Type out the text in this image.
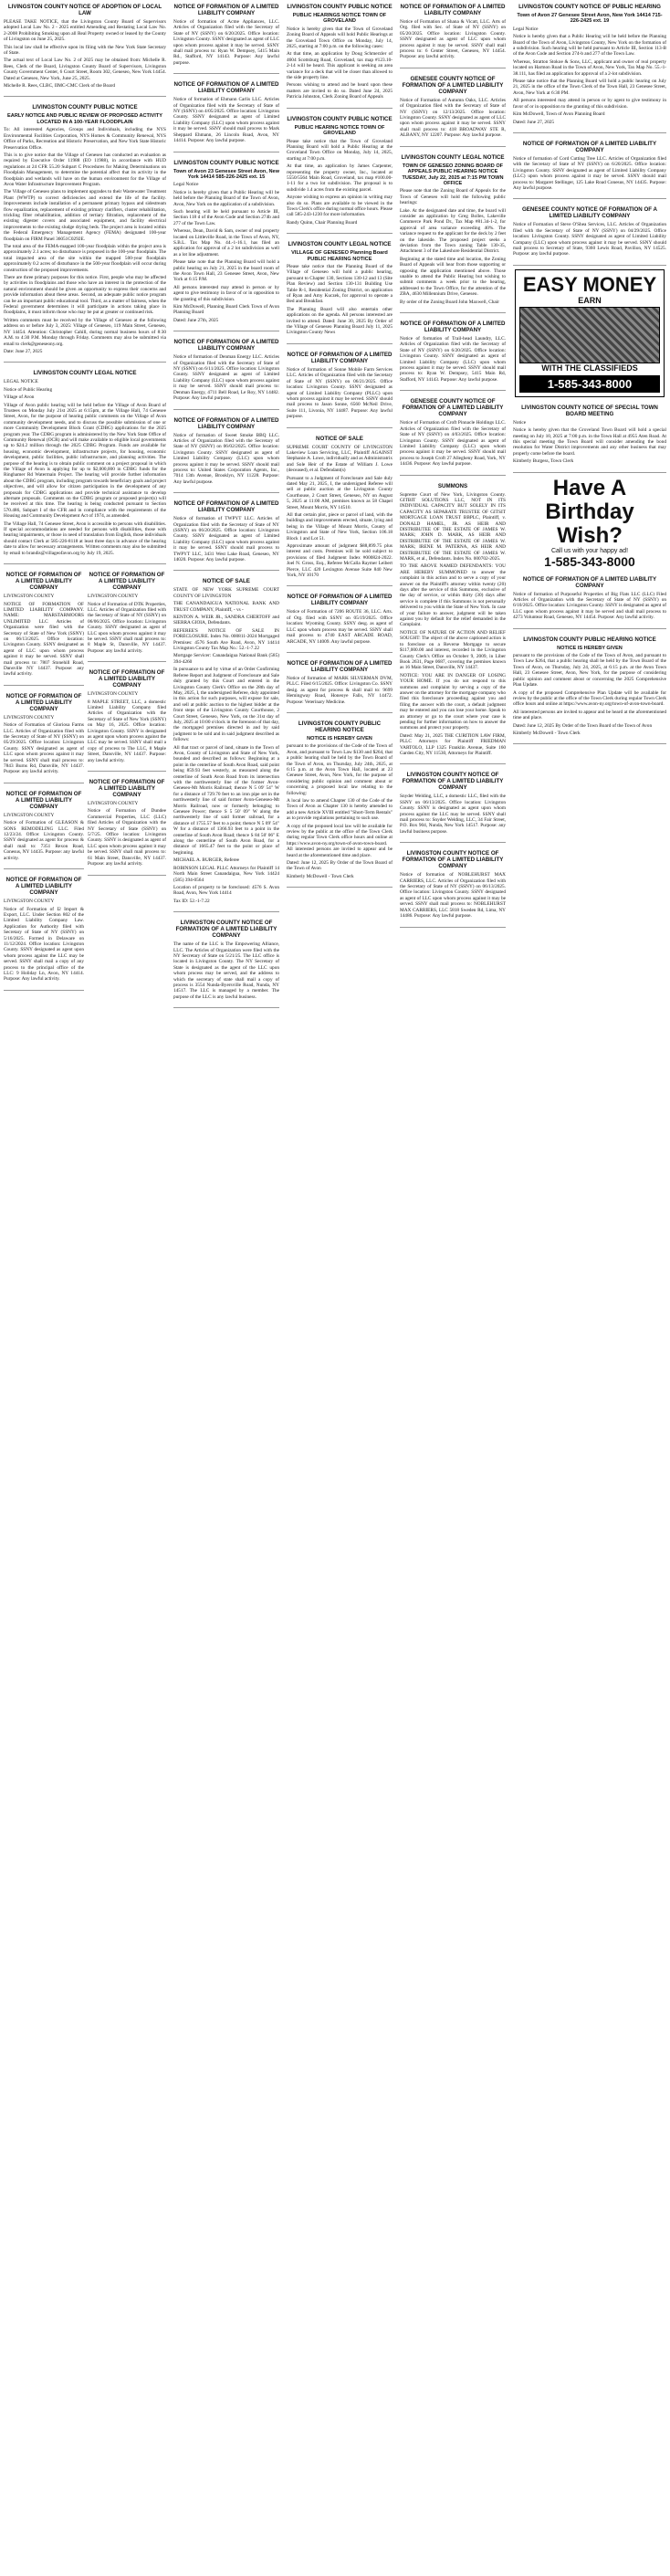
LIVINGSTON COUNTY NOTICE OF ADOPTION OF LOCAL LAW

PLEASE TAKE NOTICE, that the Livingston County Board of Supervisors adopted Local Law No. 2 - 2025 entitled Amending and Restating Local Law No. 2-2008 Prohibiting Smoking upon all Real Property owned or leased by the County of Livingston on June 25, 2025.

This local law shall be effective upon its filing with the New York State Secretary of State.

The actual text of Local Law No. 2 of 2025 may be obtained from: Michelle R. Rees, Clerk of the Board, Livingston County Board of Supervisors, Livingston County Government Center, 6 Court Street, Room 302, Geneseo, New York 14454. Dated at Geneseo, New York, June 25, 2025.

Michelle R. Rees, CLBC, IIMC-CMC Clerk of the Board

LIVINGSTON COUNTY PUBLIC NOTICE
EARLY NOTICE AND PUBLIC REVIEW OF PROPOSED ACTIVITY LOCATED IN A 100-YEAR FLOODPLAIN

To: All interested Agencies, Groups and Individuals, including the NYS Environmental Facilities Corporation, NYS Homes & Community Renewal, NYS Office of Parks, Recreation and Historic Preservation, and New York State Historic Preservation Office.

This is to give notice that the Village of Geneseo has conducted an evaluation as required by Executive Order 11988 (EO 11988), in accordance with HUD regulations at 24 CFR 55.20 Subpart C Procedures for Making Determinations on Floodplain Management, to determine the potential affect that its activity in the floodplain and wetlands will have on the human environment for the Village of Avon Water Infrastructure Improvement Program.

The Village of Geneseo plans to implement upgrades to their Wastewater Treatment Plant (WWTP) to correct deficiencies and extend the life of the facility. Improvements include installation of a permanent primary bypass and sidestream flow equalization, replacement of existing primary clarifiers, cluster rehabilitation, trickling filter rehabilitation, addition of tertiary filtration, replacement of the existing digester covers and associated equipment, and facility electrical improvements to the existing sludge drying beds. The project area is located within the Federal Emergency Management Agency (FEMA) designated 100-year floodplain on FIRM Panel 36051C0292E.

The total area of the FEMA-mapped 100-year floodplain within the project area is approximately 2.1 acres; no disturbance is proposed in the 100-year floodplain. The total impacted area of the site within the mapped 500-year floodplain approximately 0.2 acres of disturbance in the 500-year floodplain will occur during construction of the proposed improvements.

There are three primary purposes for this notice. First, people who may be affected by activities in floodplains and those who have an interest in the protection of the natural environment should be given an opportunity to express their concerns and provide information about these areas. Second, an adequate public notice program can be an important public educational tool. Third, as a matter of fairness, when the Federal government determines it will participate in actions taking place in floodplains, it must inform those who may be put at greater or continued risk.

Written comments must be received by the Village of Geneseo at the following address on or before July 3, 2025: Village of Geneseo, 119 Main Street, Geneseo, NY 14454. Attention: Christopher Cahill, during normal business hours of 8:30 A.M. to 4:30 P.M. Monday through Friday. Comments may also be submitted via email to clerk@geneseony.org.

Date: June 27, 2025

LIVINGSTON COUNTY LEGAL NOTICE

LEGAL NOTICE

Notice of Public Hearing

Village of Avon

Village of Avon public hearing will be held before the Village of Avon Board of Trustees on Monday July 21st 2025 at 6:15pm, at the Village Hall, 74 Genesee Street, Avon, for the purpose of hearing public comments on the Village of Avon community development needs, and to discuss the possible submission of one or more Community Development Block Grant (CDBG) applications for the 2025 program year. The CDBG program is administered by the New York State Office of Community Renewal (OCR) and will make available to eligible local governments up to $24.2 million through the 2025 CDBG Program. Funds are available for housing, economic development, infrastructure projects, for housing, economic development, public facilities, public infrastructure, and planning activities. The purpose of the hearing is to obtain public comment on a project proposal in which the Village of Avon is applying for up to $2,000,000 in CDBG funds for the Ringhamer Rd Watermain Project. The hearing will provide further information about the CDBG program, including program towards beneficiary goals and project objectives, and will allow for citizen participation in the development of any proposals for CDBG applications and provide technical assistance to develop alternate proposals. Comments on the CDBG program or proposed project(s) will be received at this time. The hearing is being conducted pursuant to Section 570.486, Subpart I of the CFR and in compliance with the requirements of the Housing and Community Development Act of 1974, as amended.

The Village Hall, 74 Genesee Street, Avon is accessible to persons with disabilities. If special accommodations are needed for persons with disabilities, those with hearing impairments, or those in need of translation from English, those individuals should contact Clerk at 585-226-8118 at least three days in advance of the hearing date to allow for necessary arrangements. Written comments may also be submitted by email to brandis@villageofavon.org by July 19, 2025.

NOTICE OF FORMATION OF A LIMITED LIABILITY COMPANY

LIVINGSTON COUNTY

NOTICE OF FORMATION OF LIMITED LIABILITY COMPANY. NAME: MARSTARMOORS UNLIMITED LLC Articles of Organization were filed with the Secretary of State of New York (SSNY) on 06/13/2025. Office location: Livingston County. SSNY designated as agent of LLC upon whom process against it may be served. SSNY shall mail process to: 7807 Stonehill Road, Dansville NY 14437. Purpose: any lawful activity.

NOTICE OF FORMATION OF A LIMITED LIABILITY COMPANY

LIVINGSTON COUNTY

Notice of Formation of Gloriosa Farms LLC. Articles of Organization filed with the Secretary of State of NY (SSNY) on 05/29/2025. Office location: Livingston County. SSNY designated as agent of LLC upon whom process against it may be served. SSNY shall mail process to: 7843 Burns Rd, Dansville, NY 14437. Purpose: any lawful activity.

NOTICE OF FORMATION OF A LIMITED LIABILITY COMPANY

LIVINGSTON COUNTY

Notice of Formation of GLEASON & SONS REMODELING LLC. Filed 12/23/24. Office: Livingston County. SSNY designated as agent for process & shall mail to: 7351 Rexon Road, Conesus, NY 14435. Purpose: any lawful activity.

NOTICE OF FORMATION OF A LIMITED LIABILITY COMPANY

LIVINGSTON COUNTY

Notice of Formation of I2 Import & Export, LLC. Under Section 802 of the Limited Liability Company Law. Application for Authority filed with Secretary of State of NY (SSNY) on 5/16/2025. Formed in Delaware on 11/12/2024. Office location: Livingston County. SSNY designated as agent upon whom process against the LLC may be served. SSNY shall mail a copy of any process to the principal office of the LLC: 9 Holiday Ln, Avon, NY 14414. Purpose: Any lawful activity.

NOTICE OF FORMATION OF A LIMITED LIABILITY COMPANY

LIVINGSTON COUNTY

Notice of Formation of DTK Properties, LLC. Articles of Organization filed with the Secretary of State of NY (SSNY) on 06/06/2025. Office location: Livingston County. SSNY designated as agent of LLC upon whom process against it may be served. SSNY shall mail process to: 8 Maple St, Dansville, NY 14437. Purpose: any lawful activity.

NOTICE OF FORMATION OF A LIMITED LIABILITY COMPANY

LIVINGSTON COUNTY

8 MAPLE STREET, LLC, a domestic Limited Liability Company filed Articles of Organization with the Secretary of State of New York (SSNY) on May 16, 2025. Office location: Livingston County. SSNY is designated as agent upon whom process against the LLC may be served. SSNY shall mail a copy of process to The LLC, 8 Maple Street, Dansville, NY 14437. Purpose: any lawful activity.

NOTICE OF FORMATION OF A LIMITED LIABILITY COMPANY

LIVINGSTON COUNTY

Notice of Formation of Dundee Commercial Properties, LLC (LLC) filed Articles of Organization with the NY Secretary of State (SSNY) on 5/7/25. Office location: Livingston County. SSNY is designated as agent of LLC upon whom process against it may be served. SSNY shall mail process to: 61 Main Street, Dansville, NY 14437. Purpose: any lawful activity.

NOTICE OF FORMATION OF A LIMITED LIABILITY COMPANY

Notice of formation of Acme Appliances, LLC. Articles of Organization filed with the Secretary of State of NY (SSNY) on 6/20/2025. Office location: Livingston County. SSNY designated as agent of LLC upon whom process against it may be served. SSNY shall mail process to: Ryan W. Dempsey, 5415 Main Rd., Stafford, NY 14143. Purpose: Any lawful purpose.

NOTICE OF FORMATION OF A LIMITED LIABILITY COMPANY

Notice of formation of Ehmann Carlis LLC. Articles of Organization filed with the Secretary of State of NY (SSNY) on 4/05/2025. Office location: Livingston County. SSNY designated as agent of Limited Liability Company (LLC) upon whom process against it may be served. SSNY should mail process to Mark Sheppard Ehmann, 26 Lincoln Road, Avon, NY 14414. Purpose: Any lawful purpose.

LIVINGSTON COUNTY PUBLIC NOTICE
Town of Avon 23 Genesee Street Avon, New York 14414 585-226-2425 ext. 15

Legal Notice

Notice is hereby given that a Public Hearing will be held before the Planning Board of the Town of Avon, Avon, New York on the application of a subdivision.

Such hearing will be held pursuant to Article III, Section 118 d of the Avon Code and Section 274b and 277 of the Town Law.

Whereas, Dean, David & Sam, owner of real property located on Littleville Road, in the Town of Avon, NY, S.B.L. Tax Map No. 44.-1-16.1, has filed an application for approval of a 2 lot subdivision as well as a lot line adjustment.

Please take note that the Planning Board will hold a public hearing on July 21, 2025 in the board room of the Avon Town Hall, 23 Genesee Street, Avon, New York at 6:15 P.M.

All persons interested may attend in person or by agent to give testimony in favor of or in opposition to the granting of this subdivision.

Kim McDowell, Planning Board Clerk Town of Avon Planning Board

Dated: June 27th, 2025

NOTICE OF FORMATION OF A LIMITED LIABILITY COMPANY

Notice of formation of Denman Energy LLC. Articles of Organization filed with the Secretary of State of NY (SSNY) on 6/11/2025. Office location: Livingston County. SSNY designated as agent of Limited Liability Company (LLC) upon whom process against it may be served. SSNY should mail process to: Denman Energy, 4711 Bell Road, Le Roy, NY 14482. Purpose: Any lawful purpose.

NOTICE OF FORMATION OF A LIMITED LIABILITY COMPANY

Notice of formation of Sweet Smoke BBQ LLC. Articles of Organization filed with the Secretary of State of NY (SSNY) on 06/02/2025. Office location: Livingston County. SSNY designated as agent of Limited Liability Company (LLC) upon whom process against it may be served. SSNY should mail process to: United States Corporation Agents, Inc., 7014 13th Avenue, Brooklyn, NY 11228. Purpose: Any lawful purpose.

NOTICE OF FORMATION OF A LIMITED LIABILITY COMPANY

Notice of formation of TWPYT LLC. Articles of Organization filed with the Secretary of State of NY (SSNY) on 06/20/2025. Office location: Livingston County. SSNY designated as agent of Limited Liability Company (LLC) upon whom process against it may be served. SSNY should mail process to TWPYT LLC, 3431 West Lake Road, Geneseo, NY 14020. Purpose: Any lawful purpose.

NOTICE OF SALE

STATE OF NEW YORK SUPREME COURT COUNTY OF LIVINGSTON

THE CANANDAIGUA NATIONAL BANK AND TRUST COMPANY, Plaintiff, - vs -

KENTON A. WEIR JR., SANDRA CHERTOFF and SIERRA GIOIA, Defendants.

REFEREE'S NOTICE OF SALE IN FORECLOSURE. Index No. 000811-2024 Mortgaged Premises: 4576 South Ave Road, Avon, NY 14414 Livingston County Tax Map No.: 52.-1-7.22

Mortgage Servicer: Canandaigua National Bank (585) 394-4260

In pursuance to and by virtue of an Order Confirming Referee Report and Judgment of Foreclosure and Sale duly granted by this Court and entered in the Livingston County Clerk's Office on the 28th day of May, 2025, I, the undersigned Referee, duly appointed in this action for such purposes, will expose for sale, and sell at public auction to the highest bidder at the front steps of the Livingston County Courthouse, 2 Court Street, Geneseo, New York, on the 31st day of July, 2025 at 10:00 o'clock in the forenoon of that day, the mortgaged premises directed in and by said judgment to be sold and in said judgment described as follows:

All that tract or parcel of land, situate in the Town of Avon, County of Livingston and State of New York, bounded and described as follows: Beginning at a point in the centerline of South Avon Road, said point being 859.93 feet westerly, as measured along the centerline of South Avon Road from its intersection with the northwesterly line of the former Avon-Geneseo-Mt Morris Railroad; thence N 5 09' 54" W for a distance of 729.70 feet to an iron pipe set in the northwesterly line of said former Avon-Geneseo-Mt Morris Railroad, now or formerly belonging to Genesee Power; thence S 5 50' 09" W along the northwesterly line of said former railroad, for a distance of 1755.57 feet to a point; thence N 5 09' 54" W for a distance of 1366.93 feet to a point in the centerline of South Avon Road; thence S 84 50' 06" E along the centerline of South Avon Road, for a distance of 1665.47 feet to the point or place of beginning.

MICHAEL A. BURGER, Referee

ROBINSON LEGAL PLLC Attorneys for Plaintiff 14 North Main Street Canandaigua, New York 14424 (585) 394-0564

Location of property to be foreclosed: 4576 S. Avon Road, Avon, New York 14414

Tax ID: 52.-1-7.22

LIVINGSTON COUNTY NOTICE OF FORMATION OF A LIMITED LIABILITY COMPANY

The name of the LLC is The Empowering Alliance, LLC. The Articles of Organization were filed with the NY Secretary of State on 5/21/25. The LLC office is located in Livingston County. The NY Secretary of State is designated as the agent of the LLC upon whom process may be served, and the address to which the secretary of state shall mail a copy of process is 3554 Nunda-Byersville Road, Nunda, NY 14517. The LLC is managed by a member. The purpose of the LLC is any lawful business.

LIVINGSTON COUNTY PUBLIC NOTICE
PUBLIC HEARINGS NOTICE TOWN OF GROVELAND

Notice is hereby given that the Town of Groveland Zoning Board of Appeals will hold Public Hearings at the Groveland Town Office on Monday, July 14, 2025, starting at 7:00 p.m. on the following cases:

At that time, an application by Doug Schmerzler of 4604 Scottsburg Road, Groveland, tax map #123.10-2-14 will be heard. This applicant is seeking an area variance for a deck that will be closer than allowed to the side property line.

Persons wishing to attend and be heard upon these matters are invited to do so. Dated June 24, 2025 Patricia Johnston, Clerk Zoning Board of Appeals

LIVINGSTON COUNTY PUBLIC NOTICE
PUBLIC HEARING NOTICE TOWN OF GROVELAND

Please take notice that the Town of Groveland Planning Board will hold a Public Hearing at the Groveland Town Office on Monday, July 14, 2025, starting at 7:00 p.m.

At that time, an application by James Carpenter, representing the property owner, Inc., located at 5550/5564 Main Road, Groveland, tax map #100.00-1-11 for a two lot subdivision. The proposal is to subdivide 1.4 acres from the existing parcel.

Anyone wishing to express an opinion in writing may also do so. Plans are available to be viewed in the Town Clerk's office during normal office hours. Please call 585-243-1230 for more information.

Randy Quinn, Chair Planning Board

LIVINGSTON COUNTY LEGAL NOTICE
VILLAGE OF GENESEO Planning Board PUBLIC HEARING NOTICE

Please take notice that the Planning Board of the Village of Geneseo will hold a public hearing, pursuant to Chapter 130, Sections 130-12 and 13 (Site Plan Review) and Section 130-131 Building Use Table R-1, Residential Zoning District, on application of Ryan and Amy Kuczek, for approval to operate a Bed and Breakfast.

The Planning Board will also entertain other applications on the agenda. All persons interested are invited to attend. Dated: June 30, 2025 By Order of the Village of Geneseo Planning Board July 11, 2025 Livingston County News

NOTICE OF FORMATION OF A LIMITED LIABILITY COMPANY

Notice of formation of Sonne Mobile Farm Services LLC. Articles of Organization filed with the Secretary of State of NY (SSNY) on 06/21/2025. Office location: Livingston County. SSNY designated as agent of Limited Liability Company (PLLC) upon whom process against it may be served. SSNY should mail process to Jason Sonne, 6560 McNeil Drive, Suite 111, Livonia, NY 14487. Purpose: Any lawful purpose.

NOTICE OF SALE

SUPREME COURT COUNTY OF LIVINGSTON Lakeview Loan Servicing, LLC, Plaintiff AGAINST Stephanie A. Lowe, individually and as Administratrix and Sole Heir of the Estate of William J. Lowe (deceased), et al. Defendant(s)

Pursuant to a Judgment of Foreclosure and Sale duly dated May 21, 2025, I, the undersigned Referee will sell at public auction at the Livingston County Courthouse, 2 Court Street, Geneseo, NY on August 5, 2025 at 11:00 AM, premises known as 58 Chapel Street, Mount Morris, NY 14510.

All that certain plot, piece or parcel of land, with the buildings and improvements erected, situate, lying and being in the Village of Mount Morris, County of Livingston and State of New York, Section 106.18 Block 1 and Lot 51.

Approximate amount of judgment $88,899.75 plus interest and costs. Premises will be sold subject to provisions of filed Judgment Index #000824-2022. Joel N. Gross, Esq., Referee McCalla Raymer Leibert Pierce, LLC 420 Lexington Avenue Suite 840 New York, NY 10170

NOTICE OF FORMATION OF A LIMITED LIABILITY COMPANY

Notice of Formation of 7206 ROUTE 36, LLC. Arts. of Org. filed with SSNY on 05/19/2025. Office location: Wyoming County. SSNY desg. as agent of LLC upon whom process may be served. SSNY shall mail process to 4740 EAST ARCADE ROAD, ARCADE, NY 14009. Any lawful purpose.

NOTICE OF FORMATION OF A LIMITED LIABILITY COMPANY

Notice of formation of MARK SILVERMAN DVM, PLLC. Filed 6/15/2025. Office: Livingston Co. SSNY desig. as agent for process & shall mail to: 9699 Hemingway Road, Honeoye Falls, NY 14472. Purpose: Veterinary Medicine.

LIVINGSTON COUNTY PUBLIC HEARING NOTICE
NOTICE IS HEREBY GIVEN

pursuant to the provisions of the Code of the Town of Avon, and pursuant to Town Law $130 and $264, that a public hearing shall be held by the Town Board of the Town of Avon, on Thursday, July 24th, 2025, at 6:15 p.m. at the Avon Town Hall, located at 23 Genesee Street, Avon, New York, for the purpose of considering public opinion and comment about or concerning a proposed local law relating to the following:

A local law to amend Chapter 130 of the Code of the Town of Avon as Chapter 130 is hereby amended to add a new Article XVIII entitled "Short-Term Rentals" as to provide regulations pertaining to such use.

A copy of the proposed local law will be available for review by the public at the office of the Town Clerk during regular Town Clerk office hours and online at https://www.avon-ny.org/town-of-avon-town-board. All interested persons are invited to appear and be heard at the aforementioned time and place.

Dated: June 12, 2025 By Order of the Town Board of the Town of Avon

Kimberly McDowell - Town Clerk

NOTICE OF FORMATION OF A LIMITED LIABILITY COMPANY

Notice of Formation of Shana & Vicatt, LLC. Arts of Org. filed with Sec. of State of NY (SSNY) on 05/20/2025. Office location: Livingston County. SSNY designated as agent of LLC upon whom process against it may be served. SSNY shall mail process to: 6 Center Street, Geneseo, NY 14454. Purpose: any lawful activity.

GENESEE COUNTY NOTICE OF FORMATION OF A LIMITED LIABILITY COMPANY

Notice of Formation of Autumn Oaks, LLC. Articles of Organization filed with the Secretary of State of NY (SSNY) on 12/13/2025. Office location: Livingston County. SSNY designated as agent of LLC upon whom process against it may be served. SSNY shall mail process to: 418 BROADWAY STE R, ALBANY, NY 12207. Purpose: Any lawful purpose.

LIVINGSTON COUNTY LEGAL NOTICE
TOWN OF GENESEO ZONING BOARD OF APPEALS PUBLIC HEARING NOTICE TUESDAY, July 22, 2025 at 7:15 PM TOWN OFFICE

Please note that the Zoning Board of Appeals for the Town of Geneseo will hold the following public hearings:

Lake. At the designated date and time, the board will consider an application by Greg Bolles, Lakeville Commerce Park Pond Dr., Tax Map #81.34-1-2, for approval of area variance exceeding 40%. The variance request to the applicant for the deck by 2 feet on the lakeside. The proposed project seeks a deviation from the Town zoning Table 130-35, Attachment 3 of the Lakeshore Residential District.

Beginning at the stated time and location, the Zoning Board of Appeals will hear from those supporting or opposing the application mentioned above. Those unable to attend the Public Hearing but wishing to submit comments a week prior to the hearing, addressed to the Town Office, for the attention of the ZBA, 4630 Millennium Drive, Geneseo.

By order of the Zoning Board John Maxwell, Chair

NOTICE OF FORMATION OF A LIMITED LIABILITY COMPANY

Notice of formation of Trail-head Laundry, LLC. Articles of Organization filed with the Secretary of State of NY (SSNY) on 6/20/2025. Office location: Livingston County. SSNY designated as agent of Limited Liability Company (LLC) upon whom process against it may be served. SSNY should mail process to: Ryan W. Dempsey, 5415 Main Rd, Stafford, NY 14143. Purpose: Any lawful purpose.

GENESEE COUNTY NOTICE OF FORMATION OF A LIMITED LIABILITY COMPANY

Notice of Formation of Croft Pinnacle Holdings LLC. Articles of Organization filed with the Secretary of State of NY (SSNY) on 4/03/2025. Office location: Livingston County. SSNY designated as agent of Limited Liability Company (LLC) upon whom process against it may be served. SSNY should mail process to Joseph Croft 27 Allegheny Road, York, NY 14436. Purpose: Any lawful purpose.

SUMMONS

Supreme Court of New York, Livingston County. GITBIT SOLUTIONS LLC, NOT IN ITS INDIVIDUAL CAPACITY BUT SOLELY IN ITS CAPACITY AS SEPARATE TRUSTEE OF GITSIT MORTGAGE LOAN TRUST BBPLC, Plaintiff, v. DONALD HAMEL, JR. AS HEIR AND DISTRIBUTEE OF THE ESTATE OF JAMES W. MARK; JOHN D. MARK, AS HEIR AND DISTRIBUTEE OF THE ESTATE OF JAMES W. MARK; IRENE M. PATERNA, AS HEIR AND DISTRIBUTEE OF THE ESTATE OF JAMES W. MARK, et al., Defendants. Index No. 000702-2025.

TO THE ABOVE NAMED DEFENDANTS: YOU ARE HEREBY SUMMONED to answer the complaint in this action and to serve a copy of your answer on the Plaintiff's attorney within twenty (20) days after the service of this Summons, exclusive of the day of service, or within thirty (30) days after service is complete if this Summons is not personally delivered to you within the State of New York. In case of your failure to answer, judgment will be taken against you by default for the relief demanded in the Complaint.

NOTICE OF NATURE OF ACTION AND RELIEF SOUGHT: The object of the above captioned action is to foreclose on a Reverse Mortgage to secure $117,000.00 and interest, recorded in the Livingston County Clerk's Office on October 9, 2009, in Liber Book 2631, Page 0687, covering the premises known as 16 Main Street, Dansville, NY 14437.

NOTICE: YOU ARE IN DANGER OF LOSING YOUR HOME. If you do not respond to this summons and complaint by serving a copy of the answer on the attorney for the mortgage company who filed this foreclosure proceeding against you and filing the answer with the court, a default judgment may be entered and you can lose your home. Speak to an attorney or go to the court where your case is pending for further information on how to answer the summons and protect your property.

Dated: May 21, 2025 THE CURITION LAW FIRM, PLLC Attorneys for Plaintiff FRIEDMAN VARTOLO, LLP 1325 Franklin Avenue, Suite 160 Garden City, NY 11530, Attorneys for Plaintiff.

LIVINGSTON COUNTY NOTICE OF FORMATION OF A LIMITED LIABILITY COMPANY

Snyder Welding, LLC, a domestic LLC, filed with the SSNY on 06/13/2025. Office location: Livingston County. SSNY is designated as agent upon whom process against the LLC may be served. SSNY shall mail process to: Snyder Welding, LLC, 34 Fair Street, P.O. Box 904, Nunda, New York 14517. Purpose: any lawful business purpose.

LIVINGSTON COUNTY NOTICE OF FORMATION OF A LIMITED LIABILITY COMPANY

Notice of formation of NOBLEHURST MAX CARRIERS, LLC. Articles of Organization filed with the Secretary of State of NY (SSNY) on 06/13/2025. Office location: Livingston County. SSNY designated as agent of LLC upon whom process against it may be served. SSNY shall mail process to: NOBLEHURST MAX CARRIERS, LLC 5818 Sweden Rd, Lima, NY 14486. Purpose: Any lawful purpose.

LIVINGSTON COUNTY NOTICE OF PUBLIC HEARING
Town of Avon 27 Genesee Street Avon, New York 14414 715-226-2425 ext. 19

Legal Notice

Notice is hereby given that a Public Hearing will be held before the Planning Board of the Town of Avon, Livingston County, New York on the formation of a subdivision. Such hearing will be held pursuant to Article III, Section 113-B of the Avon Code and Section 274-b and 277 of the Town Law.

Whereas, Stratton Stokoe & Sons, LLC, applicant and owner of real property located on Harmon Road in the Town of Avon, New York, Tax Map No. 55.-1-38.111, has filed an application for approval of a 2-lot subdivision.

Please take notice that the Planning Board will hold a public hearing on July 21, 2025 in the office of the Town Clerk of the Town Hall, 23 Genesee Street, Avon, New York at 6:30 PM.

All persons interested may attend in person or by agent to give testimony in favor of or in opposition to the granting of this subdivision.

Kim McDowell, Town of Avon Planning Board

Dated: June 27, 2025

NOTICE OF FORMATION OF A LIMITED LIABILITY COMPANY

Notice of formation of Cord Cutting Tree LLC. Articles of Organization filed with the Secretary of State of NY (SSNY) on 6/20/2025. Office location: Livingston County. SSNY designated as agent of Limited Liability Company (LLC) upon whom process against it may be served. SSNY should mail process to: Margaret Stellinger, 125 Lake Road Conesus, NY 14435. Purpose: Any lawful purpose.

GENESEE COUNTY NOTICE OF FORMATION OF A LIMITED LIABILITY COMPANY

Notice of Formation of Steve O'Shea Services, LLC. Articles of Organization filed with the Secretary of State of NY (SSNY) on 04/29/2025. Office location: Livingston County. SSNY designated as agent of Limited Liability Company (LLC) upon whom process against it may be served. SSNY should mail process to Secretary of State, 9360 Lewis Road, Pavilion, NY 14525. Purpose: any lawful purpose.

EASY MONEY
EARN
WITH THE CLASSIFIEDS
1-585-343-8000
LIVINGSTON COUNTY NOTICE OF SPECIAL TOWN BOARD MEETING

Notice

Notice is hereby given that the Groveland Town Board will hold a special meeting on July 10, 2025 at 7:00 p.m. in the Town Hall at 4955 Aten Road. At this special meeting the Town Board will consider amending the bond resolution for Water District improvements and any other business that may properly come before the board.

Kimberly Burgess, Town Clerk

Have A Birthday Wish?
Call us with your happy ad!
1-585-343-8000
NOTICE OF FORMATION OF A LIMITED LIABILITY COMPANY

Notice of formation of Purposeful Properties of Big Flats LLC (LLC) Filed Articles of Organization with the Secretary of State of NY (SSNY) on 6/10/2025. Office location: Livingston County. SSNY is designated as agent of LLC upon whom process against it may be served and shall mail process to 4273 Voluntear Road, Geneseo, NY 14454. Purpose: Any lawful activity.

LIVINGSTON COUNTY PUBLIC HEARING NOTICE
NOTICE IS HEREBY GIVEN

pursuant to the provisions of the Code of the Town of Avon, and pursuant to Town Law $264, that a public hearing shall be held by the Town Board of the Town of Avon, on Thursday, July 24, 2025, at 6:15 p.m. at the Avon Town Hall, 23 Genesee Street, Avon, New York, for the purpose of considering public opinion and comment about or concerning the 2025 Comprehensive Plan Update.

A copy of the proposed Comprehensive Plan Update will be available for review by the public at the office of the Town Clerk during regular Town Clerk office hours and online at https://www.avon-ny.org/town-of-avon-town-board.

All interested persons are invited to appear and be heard at the aforementioned time and place.

Dated: June 12, 2025 By Order of the Town Board of the Town of Avon

Kimberly McDowell - Town Clerk
